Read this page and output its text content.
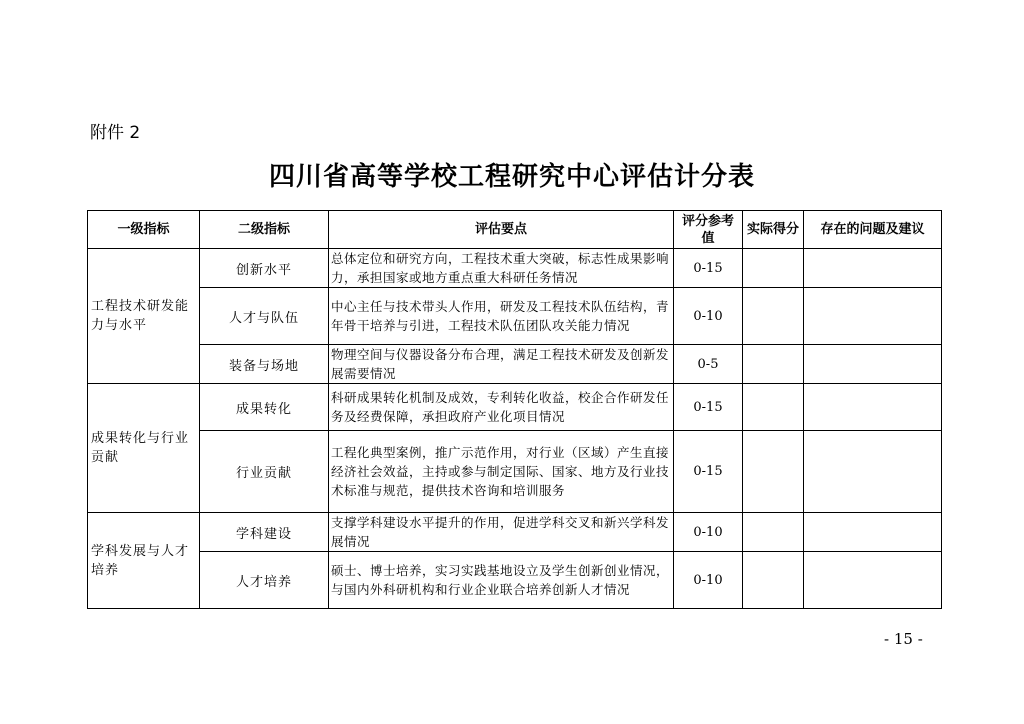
附件 2
四川省高等学校工程研究中心评估计分表
一级指标	二级指标	评估要点	评分参考值	实际得分	存在的问题及建议
工程技术研发能力与水平	创新水平	总体定位和研究方向，工程技术重大突破，标志性成果影响力，承担国家或地方重点重大科研任务情况	0-15		
	人才与队伍	中心主任与技术带头人作用，研发及工程技术队伍结构，青年骨干培养与引进，工程技术队伍团队攻关能力情况	0-10		
	装备与场地	物理空间与仪器设备分布合理，满足工程技术研发及创新发展需要情况	0-5		
成果转化与行业贡献	成果转化	科研成果转化机制及成效，专利转化收益，校企合作研发任务及经费保障，承担政府产业化项目情况	0-15		
	行业贡献	工程化典型案例，推广示范作用，对行业（区域）产生直接经济社会效益，主持或参与制定国际、国家、地方及行业技术标准与规范，提供技术咨询和培训服务	0-15		
学科发展与人才培养	学科建设	支撑学科建设水平提升的作用，促进学科交叉和新兴学科发展情况	0-10		
	人才培养	硕士、博士培养，实习实践基地设立及学生创新创业情况，与国内外科研机构和行业企业联合培养创新人才情况	0-10		
- 15 -
